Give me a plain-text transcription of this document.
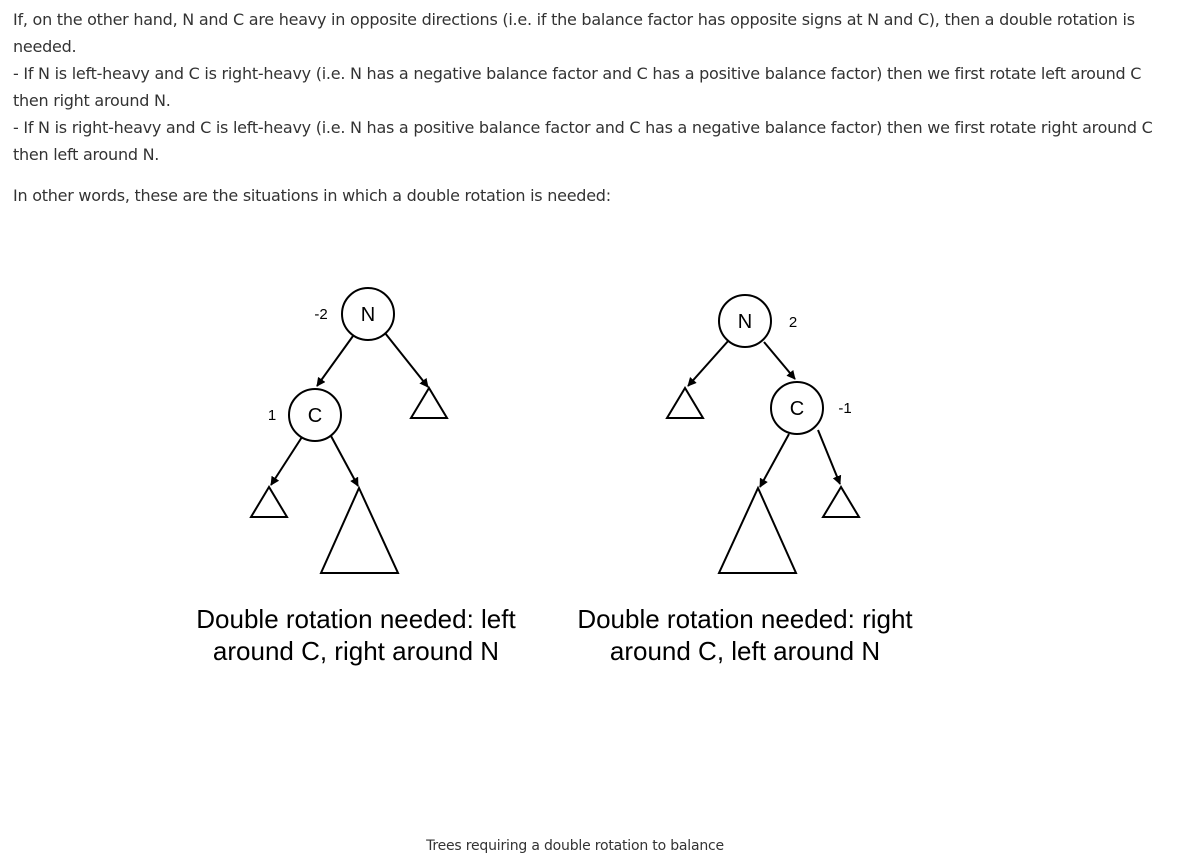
If, on the other hand, N and C are heavy in opposite directions (i.e. if the balance factor has opposite signs at N and C), then a double rotation is needed.

- If N is left-heavy and C is right-heavy (i.e. N has a negative balance factor and C has a positive balance factor) then we first rotate left around C then right around N.

- If N is right-heavy and C is left-heavy (i.e. N has a positive balance factor and C has a negative balance factor) then we first rotate right around C then left around N.

In other words, these are the situations in which a double rotation is needed:

N
-2
C
1
Double rotation needed: left
around C, right around N
N 2
C -1
Double rotation needed: right
around C, left around N
Trees requiring a double rotation to balance
